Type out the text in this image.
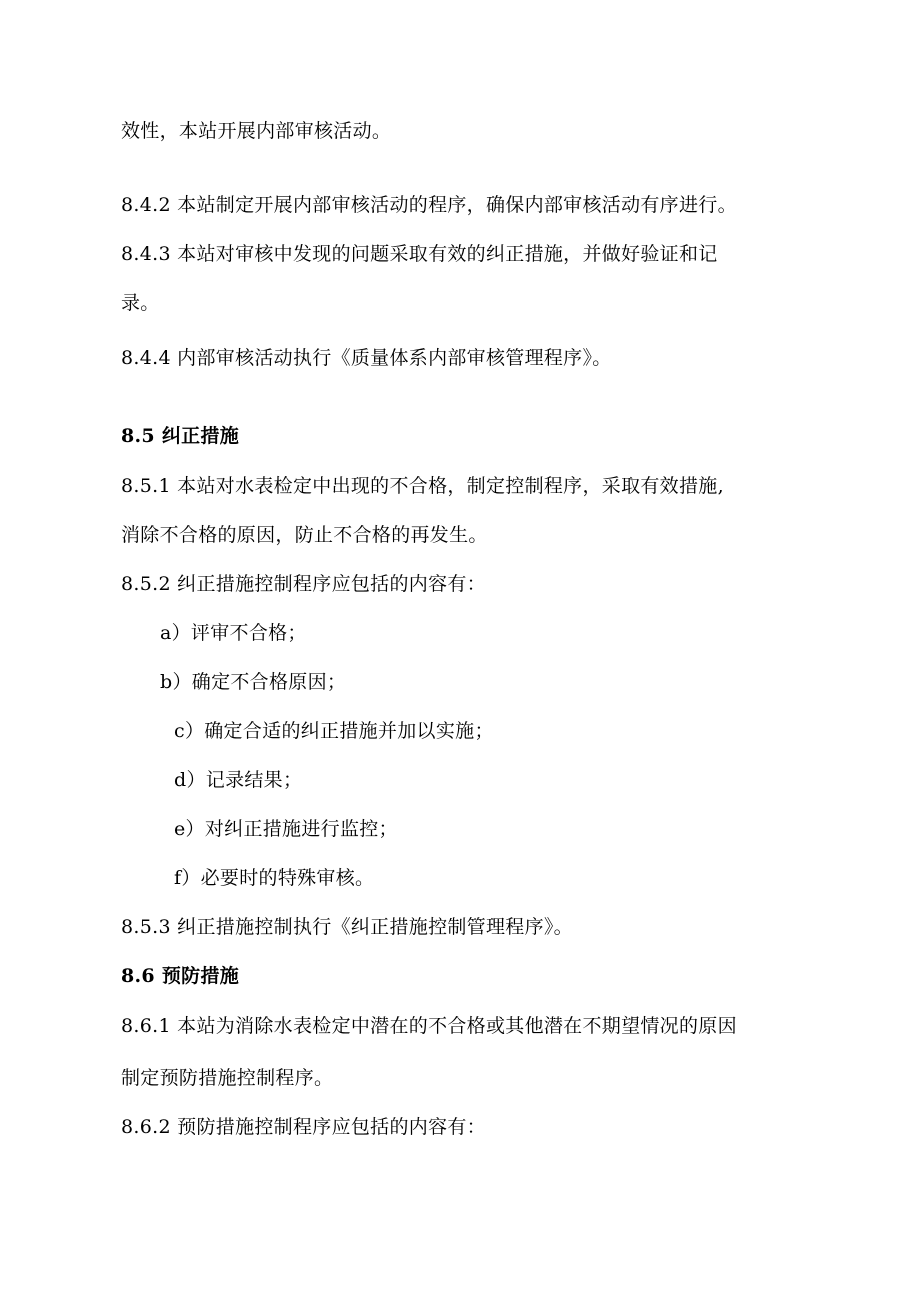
效性，本站开展内部审核活动。
8.4.2 本站制定开展内部审核活动的程序，确保内部审核活动有序进行。
8.4.3 本站对审核中发现的问题采取有效的纠正措施，并做好验证和记
录。
8.4.4 内部审核活动执行《质量体系内部审核管理程序》。
8.5 纠正措施
8.5.1 本站对水表检定中出现的不合格，制定控制程序，采取有效措施,
消除不合格的原因，防止不合格的再发生。
8.5.2 纠正措施控制程序应包括的内容有：
a）评审不合格；
b）确定不合格原因；
c）确定合适的纠正措施并加以实施；
d）记录结果；
e）对纠正措施进行监控；
f）必要时的特殊审核。
8.5.3 纠正措施控制执行《纠正措施控制管理程序》。
8.6 预防措施
8.6.1 本站为消除水表检定中潜在的不合格或其他潜在不期望情况的原因
制定预防措施控制程序。
8.6.2 预防措施控制程序应包括的内容有：
